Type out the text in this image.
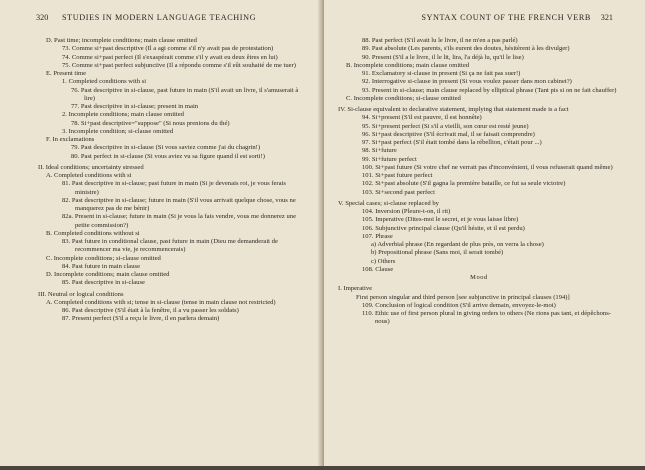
320 STUDIES IN MODERN LANGUAGE TEACHING
D. Past time; incomplete conditions; main clause omitted
73. Comme si+past descriptive (Il a agi comme s'il n'y avait pas de protestation)
74. Comme si+past perfect (Il s'exaspérait comme s'il y avait eu deux êtres en lui)
75. Comme si+past perfect subjunctive (Il a répondu comme s'il eût souhaité de me tuer)
E. Present time
1. Completed conditions with si
76. Past descriptive in si-clause, past future in main (S'il avait un livre, il s'amuserait à lire)
77. Past descriptive in si-clause; present in main
2. Incomplete conditions; main clause omitted
78. Si+past descriptive="suppose" (Si nous prenions du thé)
3. Incomplete condition; si-clause omitted
F. In exclamations
79. Past descriptive in si-clause (Si vous saviez comme j'ai du chagrin!)
80. Past perfect in si-clause (Si vous aviez vu sa figure quand il est sorti!)
II. Ideal conditions; uncertainty stressed
A. Completed conditions with si
81. Past descriptive in si-clause; past future in main (Si je devenais roi, je vous ferais ministre)
82. Past descriptive in si-clause; future in main (S'il vous arrivait quelque chose, vous ne manquerez pas de me bénir)
82a. Present in si-clause; future in main (Si je vous la fais vendre, vous me donnerez une petite commission?)
B. Completed conditions without si
83. Past future in conditional clause, past future in main (Dieu me demanderait de recommencer ma vie, je recommencerais)
C. Incomplete conditions; si-clause omitted
84. Past future in main clause
D. Incomplete conditions; main clause omitted
85. Past descriptive in si-clause
III. Neutral or logical conditions
A. Completed conditions with si; tense in si-clause (tense in main clause not restricted)
86. Past descriptive (S'il était à la fenêtre, il a vu passer les soldats)
87. Present perfect (S'il a reçu le livre, il en parlera demain)
SYNTAX COUNT OF THE FRENCH VERB 321
88. Past perfect (S'il avait lu le livre, il ne m'en a pas parlé)
89. Past absolute (Les parents, s'ils eurent des doutes, hésitèrent à les divulger)
90. Present (S'il a le livre, il le lit, lira, l'a déjà lu, qu'il le lise)
B. Incomplete conditions; main clause omitted
91. Exclamatory si-clause in present (Si ça ne fait pas suer!)
92. Interrogative si-clause in present (Si vous voulez passer dans mon cabinet?)
93. Present in si-clause; main clause replaced by elliptical phrase (Tant pis si on ne fait chauffer)
C. Incomplete conditions; si-clause omitted
IV. Si-clause equivalent to declarative statement, implying that statement made is a fact
94. Si+present (S'il est pauvre, il est honnête)
95. Si+present perfect (Si s'il a vieilli, son cœur est resté jeune)
96. Si+past descriptive (S'il écrivait mal, il se faisait comprendre)
97. Si+past perfect (S'il était tombé dans la rébellion, c'était pour ...)
98. Si+future
99. Si+future perfect
100. Si+past future (Si votre chef ne verrait pas d'inconvénient, il vous refuserait quand même)
101. Si+past future perfect
102. Si+past absolute (S'il gagna la première bataille, ce fut sa seule victoire)
103. Si+second past perfect
V. Special cases; si-clause replaced by
104. Inversion (Pleure-t-on, il rit)
105. Imperative (Dites-moi le secret, et je vous laisse libre)
106. Subjunctive principal clause (Qu'il hésite, et il est perdu)
107. Phrase
a) Adverbial phrase (En regardant de plus près, on verra la chose)
b) Prepositional phrase (Sans moi, il serait tombé)
c) Others
108. Clause
Mood
I. Imperative
First person singular and third person [see subjunctive in principal clauses (194)]
109. Conclusion of logical condition (S'il arrive demain, envoyez-le-moi)
110. Ethic use of first person plural in giving orders to others (Ne rions pas tant, et dépêchons-nous)
